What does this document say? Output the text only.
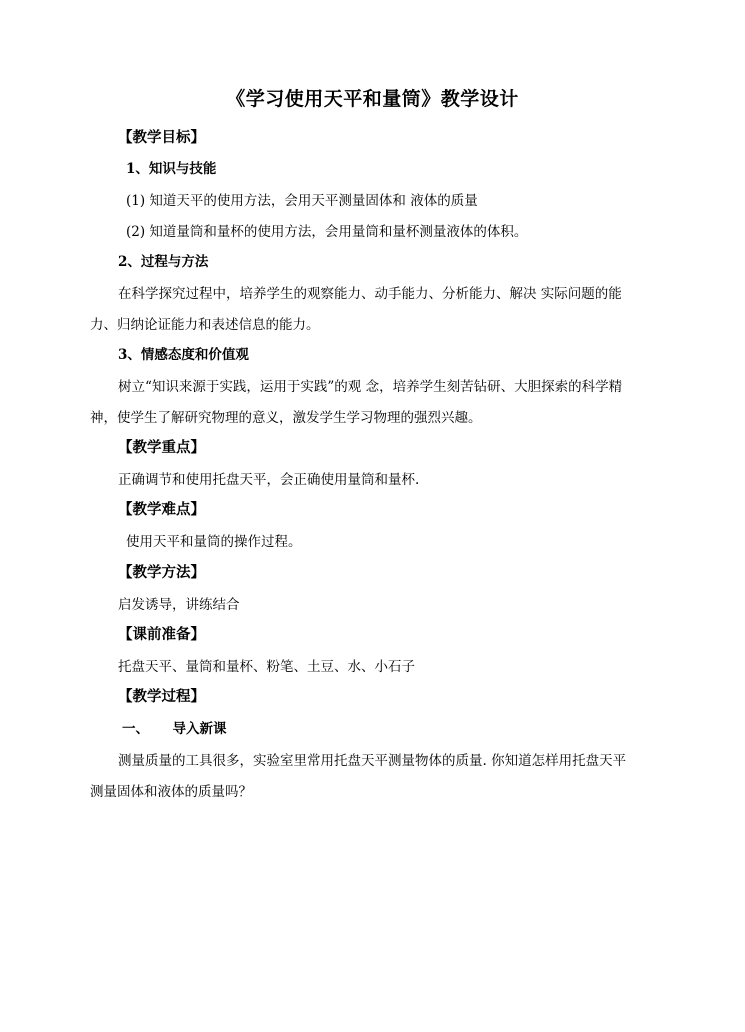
《学习使用天平和量筒》教学设计
【教学目标】
1、知识与技能
(1) 知道天平的使用方法，会用天平测量固体和 液体的质量
(2) 知道量筒和量杯的使用方法，会用量筒和量杯测量液体的体积。
2、过程与方法
在科学探究过程中，培养学生的观察能力、动手能力、分析能力、解决 实际问题的能
力、归纳论证能力和表述信息的能力。
3、情感态度和价值观
树立“知识来源于实践，运用于实践”的观 念，培养学生刻苦钻研、大胆探索的科学精
神，使学生了解研究物理的意义，激发学生学习物理的强烈兴趣。
【教学重点】
正确调节和使用托盘天平，会正确使用量筒和量杯.
【教学难点】
使用天平和量筒的操作过程。
【教学方法】
启发诱导，讲练结合
【课前准备】
托盘天平、量筒和量杯、粉笔、土豆、水、小石子
【教学过程】
一、     导入新课
测量质量的工具很多，实验室里常用托盘天平测量物体的质量. 你知道怎样用托盘天平
测量固体和液体的质量吗？
